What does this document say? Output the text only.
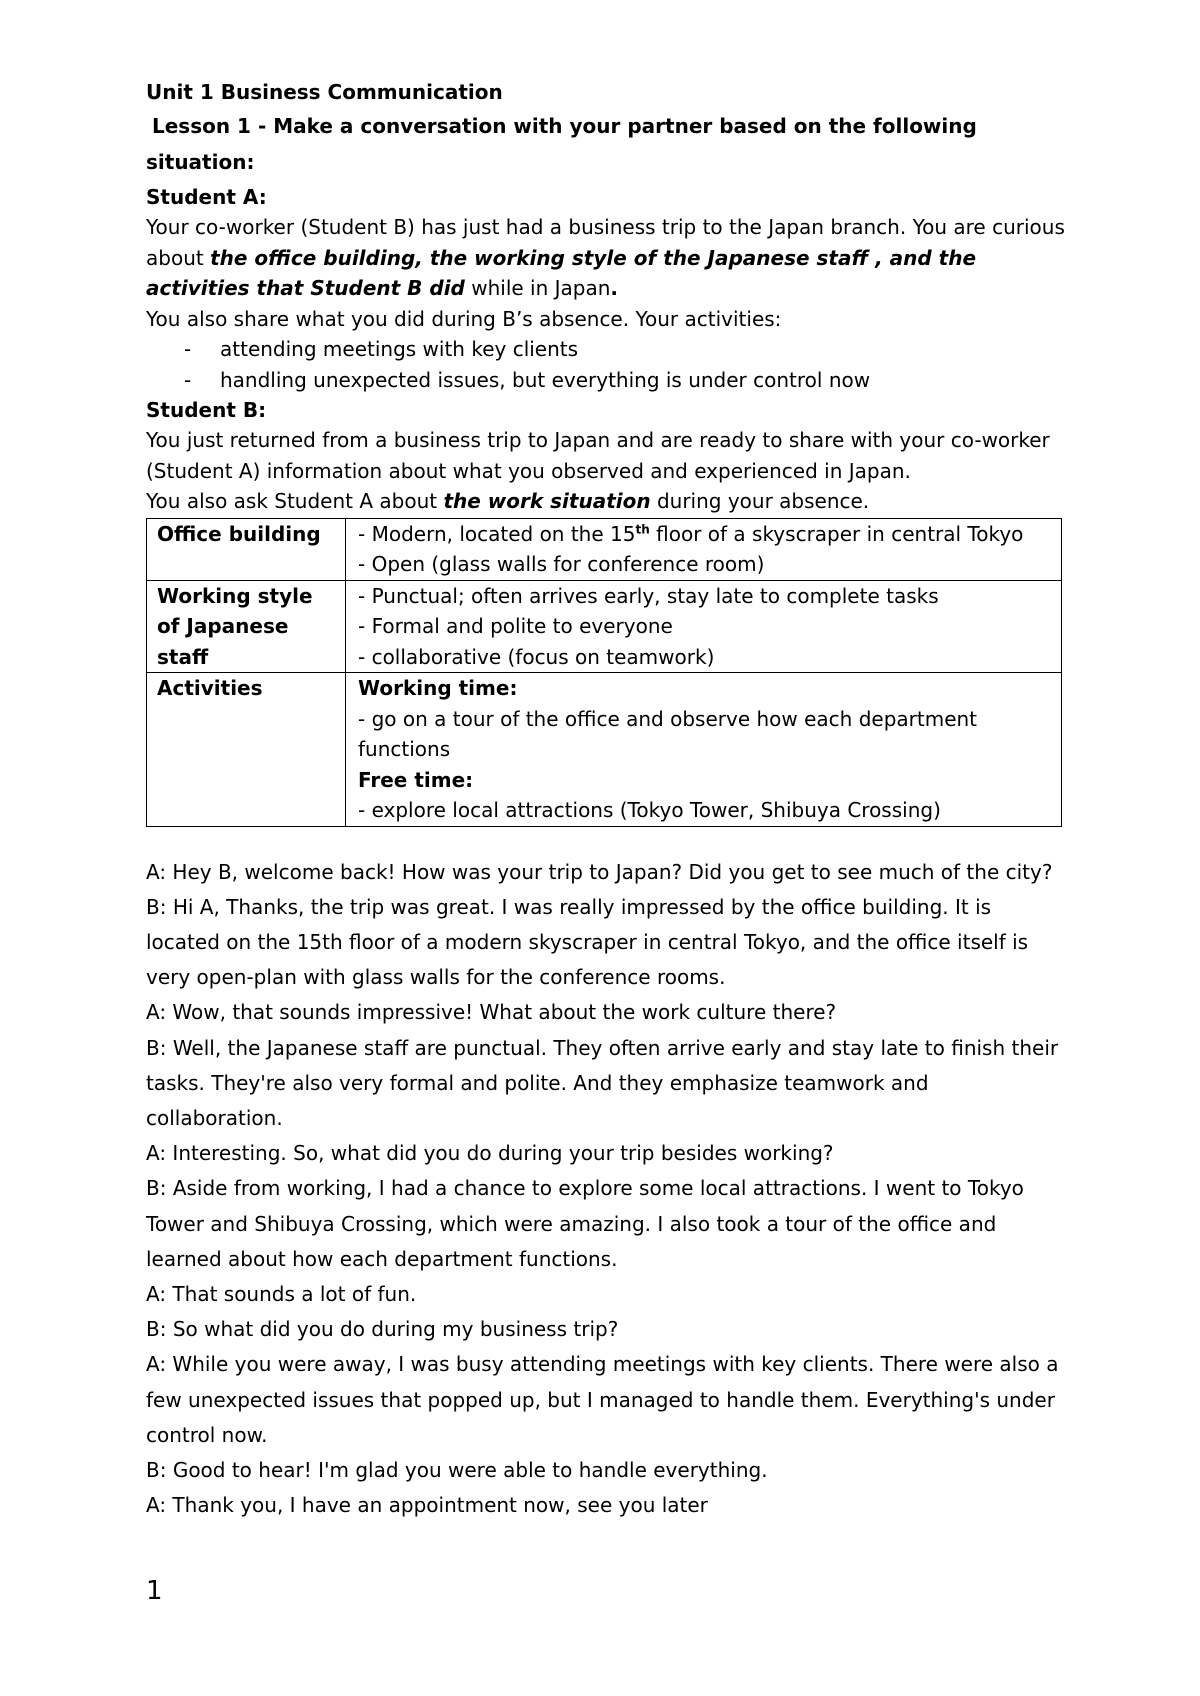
Unit 1 Business Communication

Lesson 1 - Make a conversation with your partner based on the following situation:

Student A:

Your co-worker (Student B) has just had a business trip to the Japan branch. You are curious about the office building, the working style of the Japanese staff , and the activities that Student B did while in Japan.

You also share what you did during B’s absence. Your activities:

- attending meetings with key clients
- handling unexpected issues, but everything is under control now

Student B:

You just returned from a business trip to Japan and are ready to share with your co-worker (Student A) information about what you observed and experienced in Japan.

You also ask Student A about the work situation during your absence.

Office building	- Modern, located on the 15th floor of a skyscraper in central Tokyo
- Open (glass walls for conference room)

Working style of Japanese staff	- Punctual; often arrives early, stay late to complete tasks
- Formal and polite to everyone
- collaborative (focus on teamwork)

Activities	Working time:
- go on a tour of the office and observe how each department functions
Free time:
- explore local attractions (Tokyo Tower, Shibuya Crossing)

A: Hey B, welcome back! How was your trip to Japan? Did you get to see much of the city?

B: Hi A, Thanks, the trip was great. I was really impressed by the office building. It is located on the 15th floor of a modern skyscraper in central Tokyo, and the office itself is very open-plan with glass walls for the conference rooms.

A: Wow, that sounds impressive! What about the work culture there?

B: Well, the Japanese staff are punctual. They often arrive early and stay late to finish their tasks. They're also very formal and polite. And they emphasize teamwork and collaboration.

A: Interesting. So, what did you do during your trip besides working?

B: Aside from working, I had a chance to explore some local attractions. I went to Tokyo Tower and Shibuya Crossing, which were amazing. I also took a tour of the office and learned about how each department functions.

A: That sounds a lot of fun.

B: So what did you do during my business trip?

A: While you were away, I was busy attending meetings with key clients. There were also a few unexpected issues that popped up, but I managed to handle them. Everything's under control now.

B: Good to hear! I'm glad you were able to handle everything.

A: Thank you, I have an appointment now, see you later

1
